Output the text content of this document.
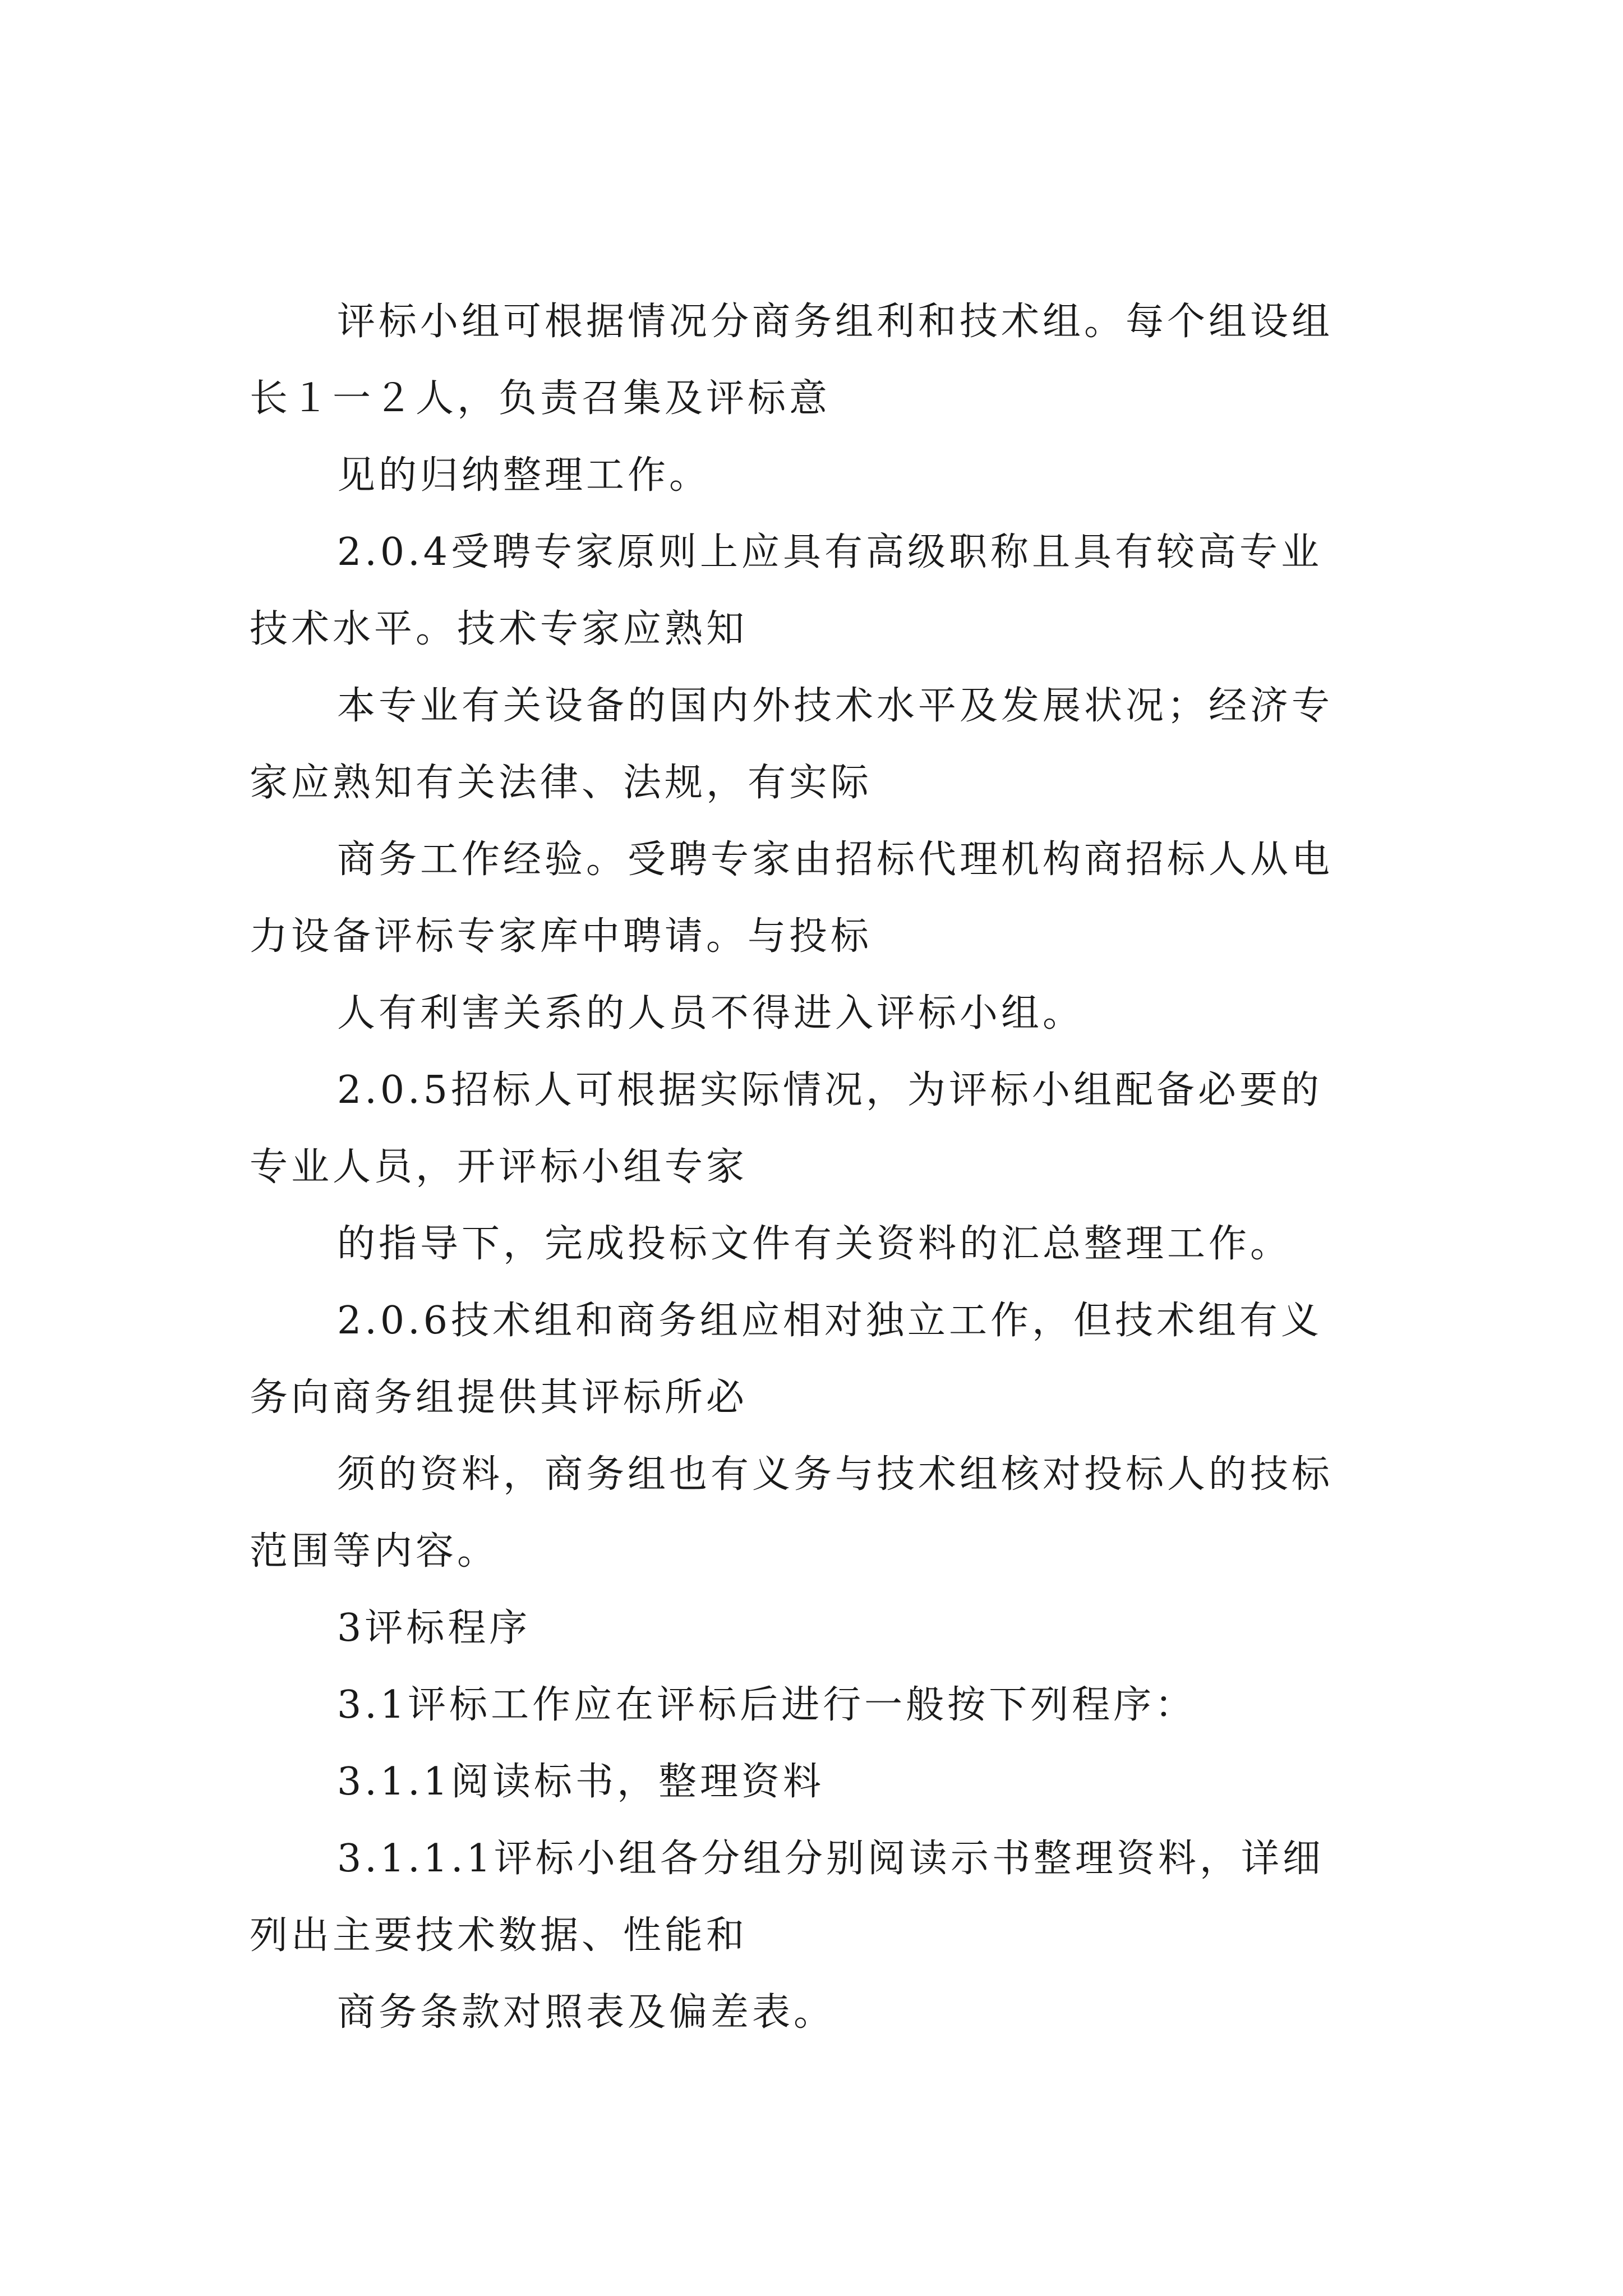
评标小组可根据情况分商务组利和技术组。每个组设组
长１一２人，负责召集及评标意

见的归纳整理工作。

2.0.4受聘专家原则上应具有高级职称且具有较高专业
技术水平。技术专家应熟知

本专业有关设备的国内外技术水平及发展状况；经济专
家应熟知有关法律、法规，有实际

商务工作经验。受聘专家由招标代理机构商招标人从电
力设备评标专家库中聘请。与投标

人有利害关系的人员不得进入评标小组。

2.0.5招标人可根据实际情况，为评标小组配备必要的
专业人员，开评标小组专家

的指导下，完成投标文件有关资料的汇总整理工作。

2.0.6技术组和商务组应相对独立工作，但技术组有义
务向商务组提供其评标所必

须的资料，商务组也有义务与技术组核对投标人的技标
范围等内容。

3评标程序

3.1评标工作应在评标后进行一般按下列程序：

3.1.1阅读标书，整理资料

3.1.1.1评标小组各分组分别阅读示书整理资料，详细
列出主要技术数据、性能和

商务条款对照表及偏差表。
